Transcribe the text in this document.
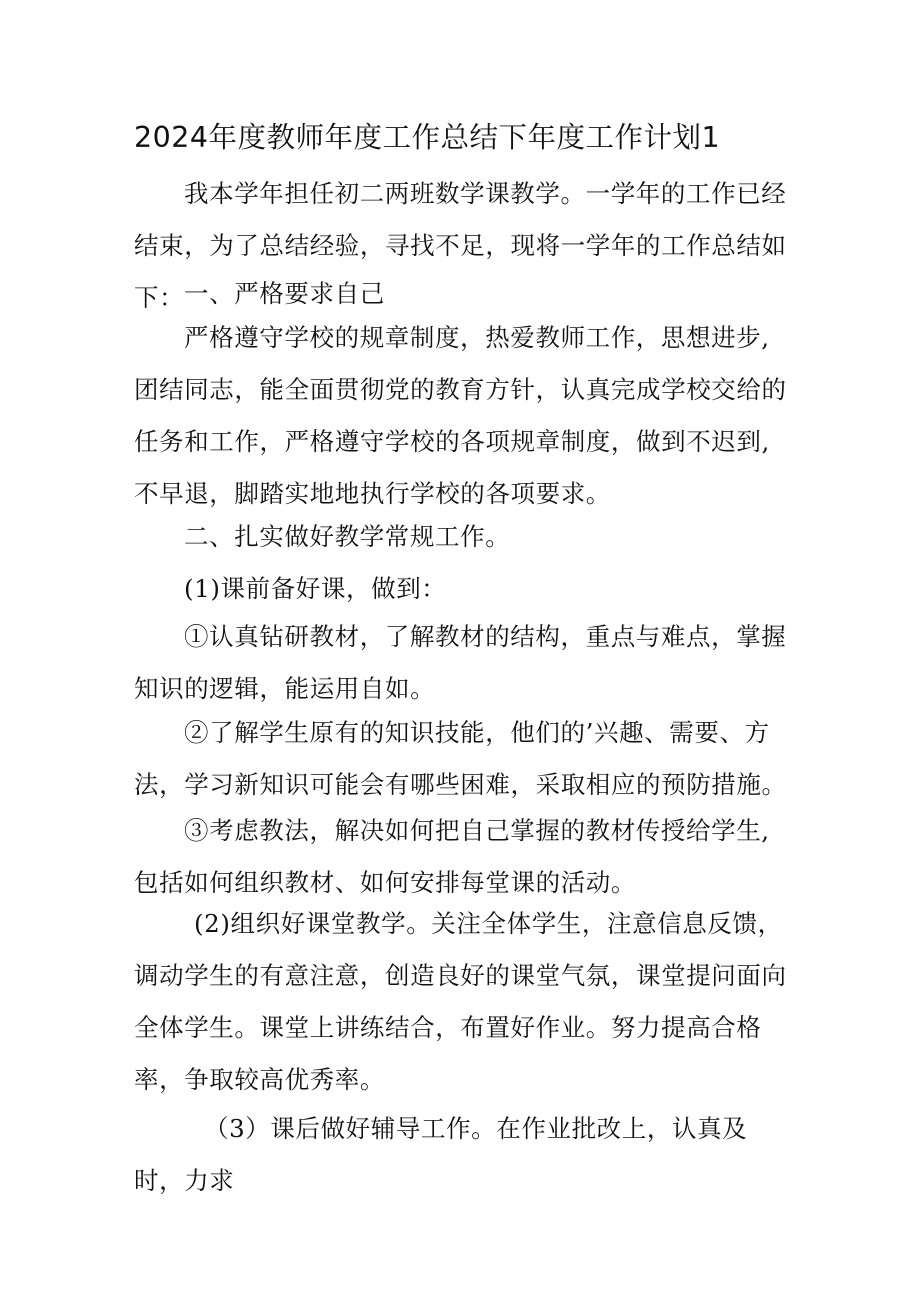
2024年度教师年度工作总结下年度工作计划1

我本学年担任初二两班数学课教学。一学年的工作已经结束，为了总结经验，寻找不足，现将一学年的工作总结如下： 一、严格要求自己

严格遵守学校的规章制度，热爱教师工作，思想进步,团结同志，能全面贯彻党的教育方针，认真完成学校交给的任务和工作，严格遵守学校的各项规章制度，做到不迟到,不早退，脚踏实地地执行学校的各项要求。

二、扎实做好教学常规工作。

(1)课前备好课，做到：

①认真钻研教材，了解教材的结构，重点与难点，掌握知识的逻辑，能运用自如。

②了解学生原有的知识技能，他们的’兴趣、需要、方法，学习新知识可能会有哪些困难，采取相应的预防措施。

③考虑教法，解决如何把自己掌握的教材传授给学生,包括如何组织教材、如何安排每堂课的活动。

(2)组织好课堂教学。关注全体学生，注意信息反馈，调动学生的有意注意，创造良好的课堂气氛，课堂提问面向全体学生。课堂上讲练结合，布置好作业。努力提高合格率，争取较高优秀率。

（3）课后做好辅导工作。在作业批改上，认真及时，力求
